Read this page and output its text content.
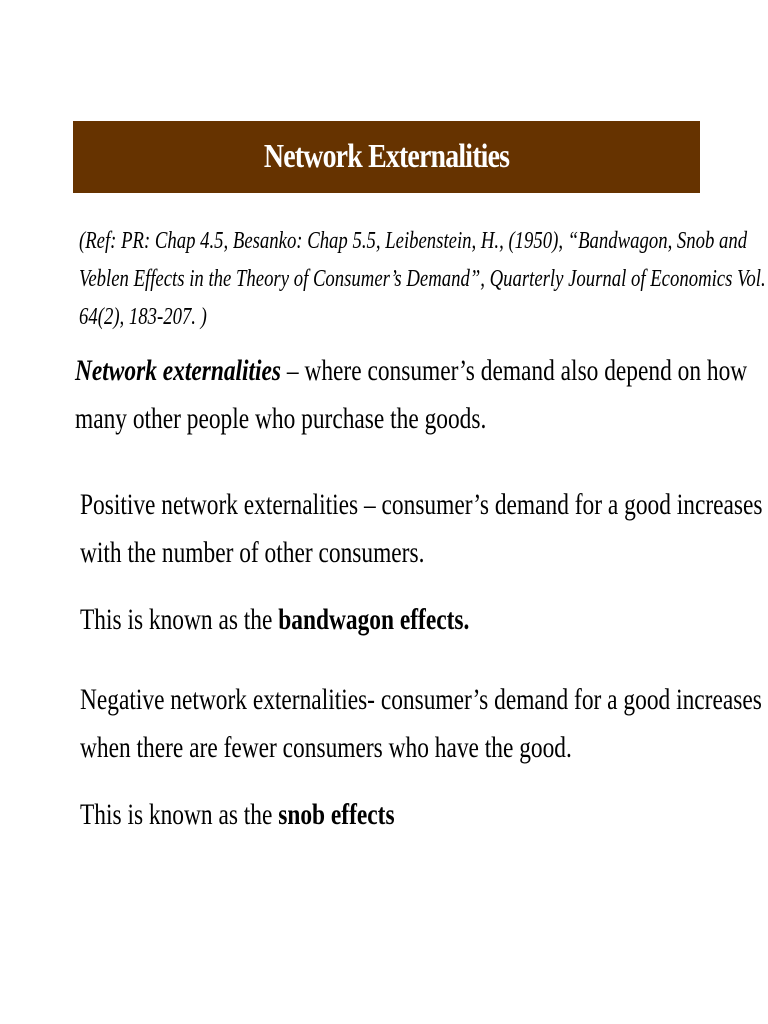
Network Externalities
(Ref: PR: Chap 4.5, Besanko: Chap 5.5, Leibenstein, H., (1950), “Bandwagon, Snob and
Veblen Effects in the Theory of Consumer’s Demand”, Quarterly Journal of Economics Vol.
64(2), 183-207. )
Network externalities – where consumer’s demand also depend on how
many other people who purchase the goods.
Positive network externalities – consumer’s demand for a good increases
with the number of other consumers.
This is known as the bandwagon effects.
Negative network externalities- consumer’s demand for a good increases
when there are fewer consumers who have the good.
This is known as the snob effects
